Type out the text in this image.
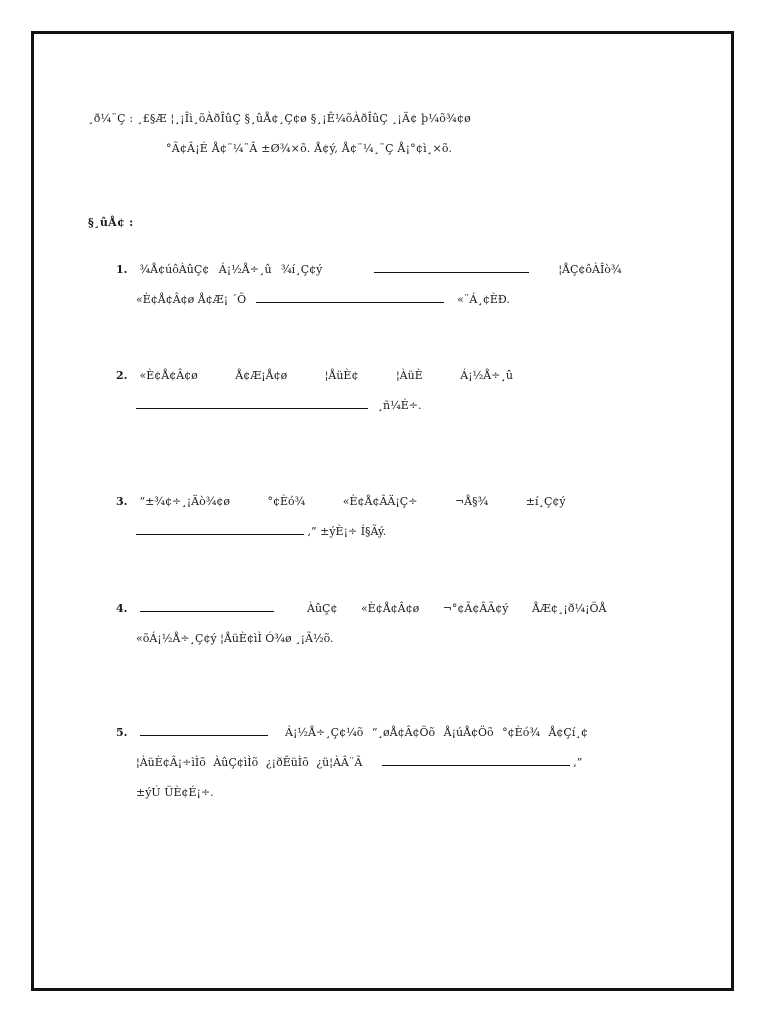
¸ð¼¨Ç : ¸£§Æ ¦¸¡Îì¸õÀðÎûÇ §¸ûÅ¢¸Ç¢ø §¸¡Ê¼õÀðÎûÇ ¸¡Ä¢ þ¼õ¾¢ø
°Ã¢Â¡É Å¢¨¼¨Â ±Ø¾×õ. Å¢ý, Å¢¨¼¸¨Ç Å¡°¢ì¸×õ.
§¸ûÅ¢ :
1. ¾Å¢úôÀûÇ¢ Á¡½Å÷¸û ¾í¸Ç¢ý	¦ÅÇ¢ôÀÎò¾
«È¢Å¢Â¢ø Å¢Æ¡ ´Õ	«¨Á¸¢ÈÐ.
2. «È¢Å¢Â¢ø Å¢Æ¡Å¢ø ¦ÅüÈ¢ ¦ÀüÈ Á¡½Å÷¸û
¸ñ¼É÷.
3. “±¾¢÷¸¡Äò¾¢ø °¢Èó¾ «È¢Å¢ÂÄ¡Ç÷ ¬Å§¾ ±í¸Ç¢ý
,” ±ýÈ¡÷ Í§Ãý.
4.	ÀûÇ¢ «È¢Å¢Â¢ø ¬°¢Ã¢ÂÃ¢ý ÅÆ¢¸¡ð¼¡ÖÅ
«õÁ¡½Å÷¸Ç¢ý ¦ÅüÈ¢ìÌ Ó¾ø ¸¡Ã½õ.
5.	Á¡½Å÷¸Ç¢¼õ “¸øÅ¢Â¢Öõ Å¡úÅ¢Öõ °¢Èó¾ Å¢Çí¸¢
¦ÀüÈ¢Â¡÷ìÌõ ÀûÇ¢ìÌõ ¿¡ðÊüÌõ ¿ü¦ÀÂ¨Ã	,”
±ýÚ ÜÈ¢É¡÷.
